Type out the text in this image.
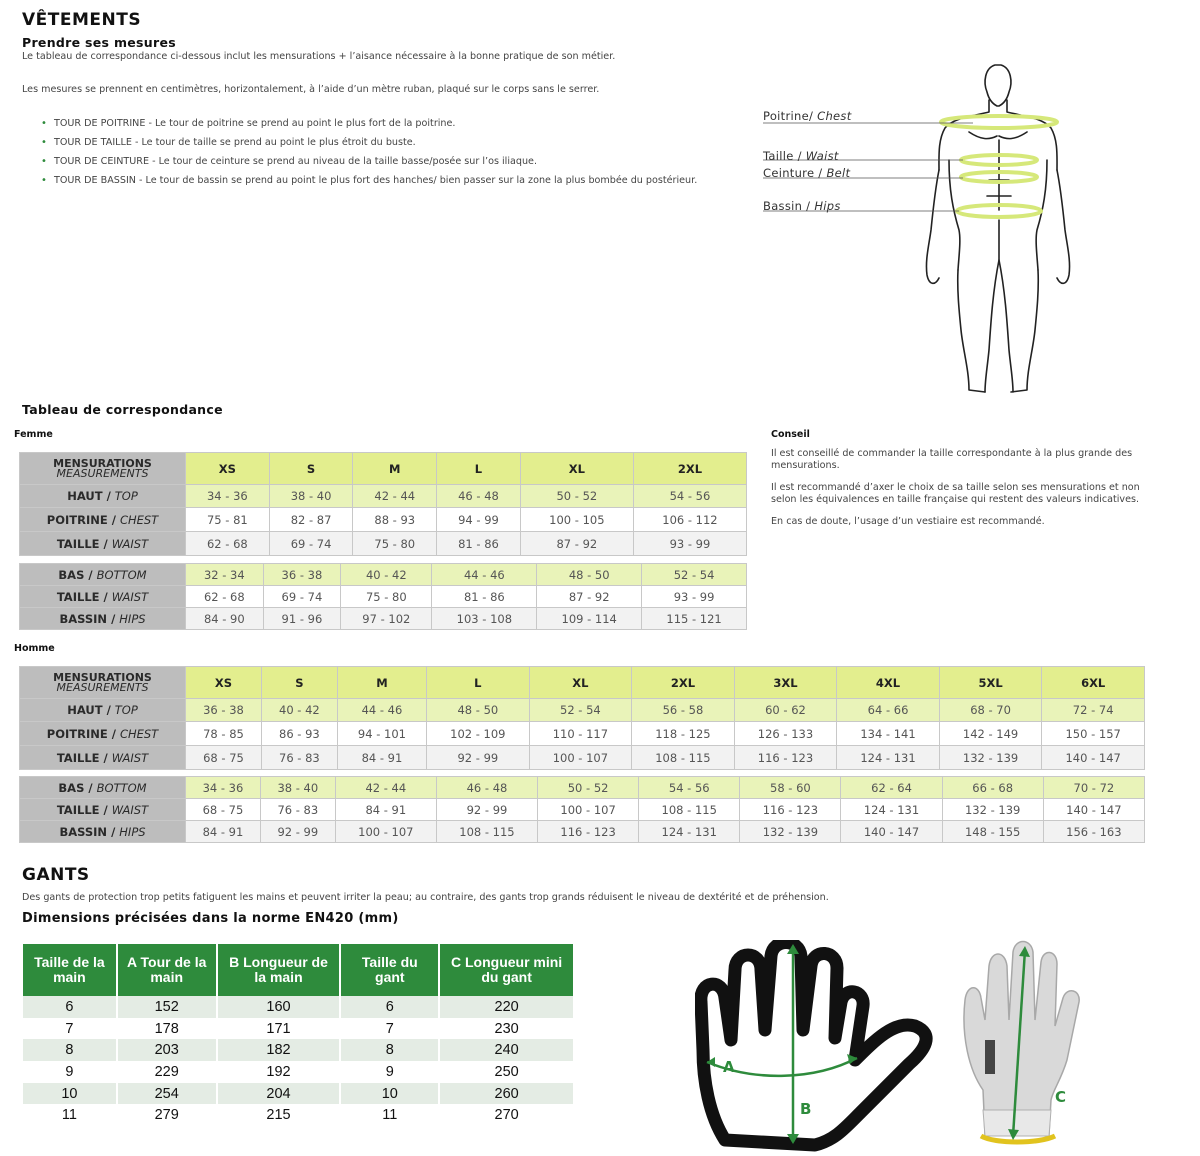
VÊTEMENTS
Prendre ses mesures

Le tableau de correspondance ci-dessous inclut les mensurations + l’aisance nécessaire à la bonne pratique de son métier.

Les mesures se prennent en centimètres, horizontalement, à l’aide d’un mètre ruban, plaqué sur le corps sans le serrer.

• TOUR DE POITRINE - Le tour de poitrine se prend au point le plus fort de la poitrine.
• TOUR DE TAILLE - Le tour de taille se prend au point le plus étroit du buste.
• TOUR DE CEINTURE - Le tour de ceinture se prend au niveau de la taille basse/posée sur l’os iliaque.
• TOUR DE BASSIN - Le tour de bassin se prend au point le plus fort des hanches/ bien passer sur la zone la plus bombée du postérieur.
Poitrine/ Chest
Taille / Waist
Ceinture / Belt
Bassin / Hips
Tableau de correspondance
Femme
MENSURATIONS
MEASUREMENTS	XS	S	M	L	XL	2XL
HAUT / TOP	34 - 36	38 - 40	42 - 44	46 - 48	50 - 52	54 - 56
POITRINE / CHEST	75 - 81	82 - 87	88 - 93	94 - 99	100 - 105	106 - 112
TAILLE / WAIST	62 - 68	69 - 74	75 - 80	81 - 86	87 - 92	93 - 99
BAS / BOTTOM	32 - 34	36 - 38	40 - 42	44 - 46	48 - 50	52 - 54
TAILLE / WAIST	62 - 68	69 - 74	75 - 80	81 - 86	87 - 92	93 - 99
BASSIN / HIPS	84 - 90	91 - 96	97 - 102	103 - 108	109 - 114	115 - 121
Conseil

Il est conseillé de commander la taille correspondante à la plus grande des mensurations.

Il est recommandé d’axer le choix de sa taille selon ses mensurations et non selon les équivalences en taille française qui restent des valeurs indicatives.

En cas de doute, l’usage d’un vestiaire est recommandé.

Homme
MENSURATIONS
MEASUREMENTS	XS	S	M	L	XL	2XL	3XL	4XL	5XL	6XL
HAUT / TOP	36 - 38	40 - 42	44 - 46	48 - 50	52 - 54	56 - 58	60 - 62	64 - 66	68 - 70	72 - 74
POITRINE / CHEST	78 - 85	86 - 93	94 - 101	102 - 109	110 - 117	118 - 125	126 - 133	134 - 141	142 - 149	150 - 157
TAILLE / WAIST	68 - 75	76 - 83	84 - 91	92 - 99	100 - 107	108 - 115	116 - 123	124 - 131	132 - 139	140 - 147
BAS / BOTTOM	34 - 36	38 - 40	42 - 44	46 - 48	50 - 52	54 - 56	58 - 60	62 - 64	66 - 68	70 - 72
TAILLE / WAIST	68 - 75	76 - 83	84 - 91	92 - 99	100 - 107	108 - 115	116 - 123	124 - 131	132 - 139	140 - 147
BASSIN / HIPS	84 - 91	92 - 99	100 - 107	108 - 115	116 - 123	124 - 131	132 - 139	140 - 147	148 - 155	156 - 163
GANTS

Des gants de protection trop petits fatiguent les mains et peuvent irriter la peau; au contraire, des gants trop grands réduisent le niveau de dextérité et de préhension.

Dimensions précisées dans la norme EN420 (mm)
Taille de la main	A Tour de la main	B Longueur de la main	Taille du gant	C Longueur mini du gant
6	152	160	6	220
7	178	171	7	230
8	203	182	8	240
9	229	192	9	250
10	254	204	10	260
11	279	215	11	270
A
B
C
